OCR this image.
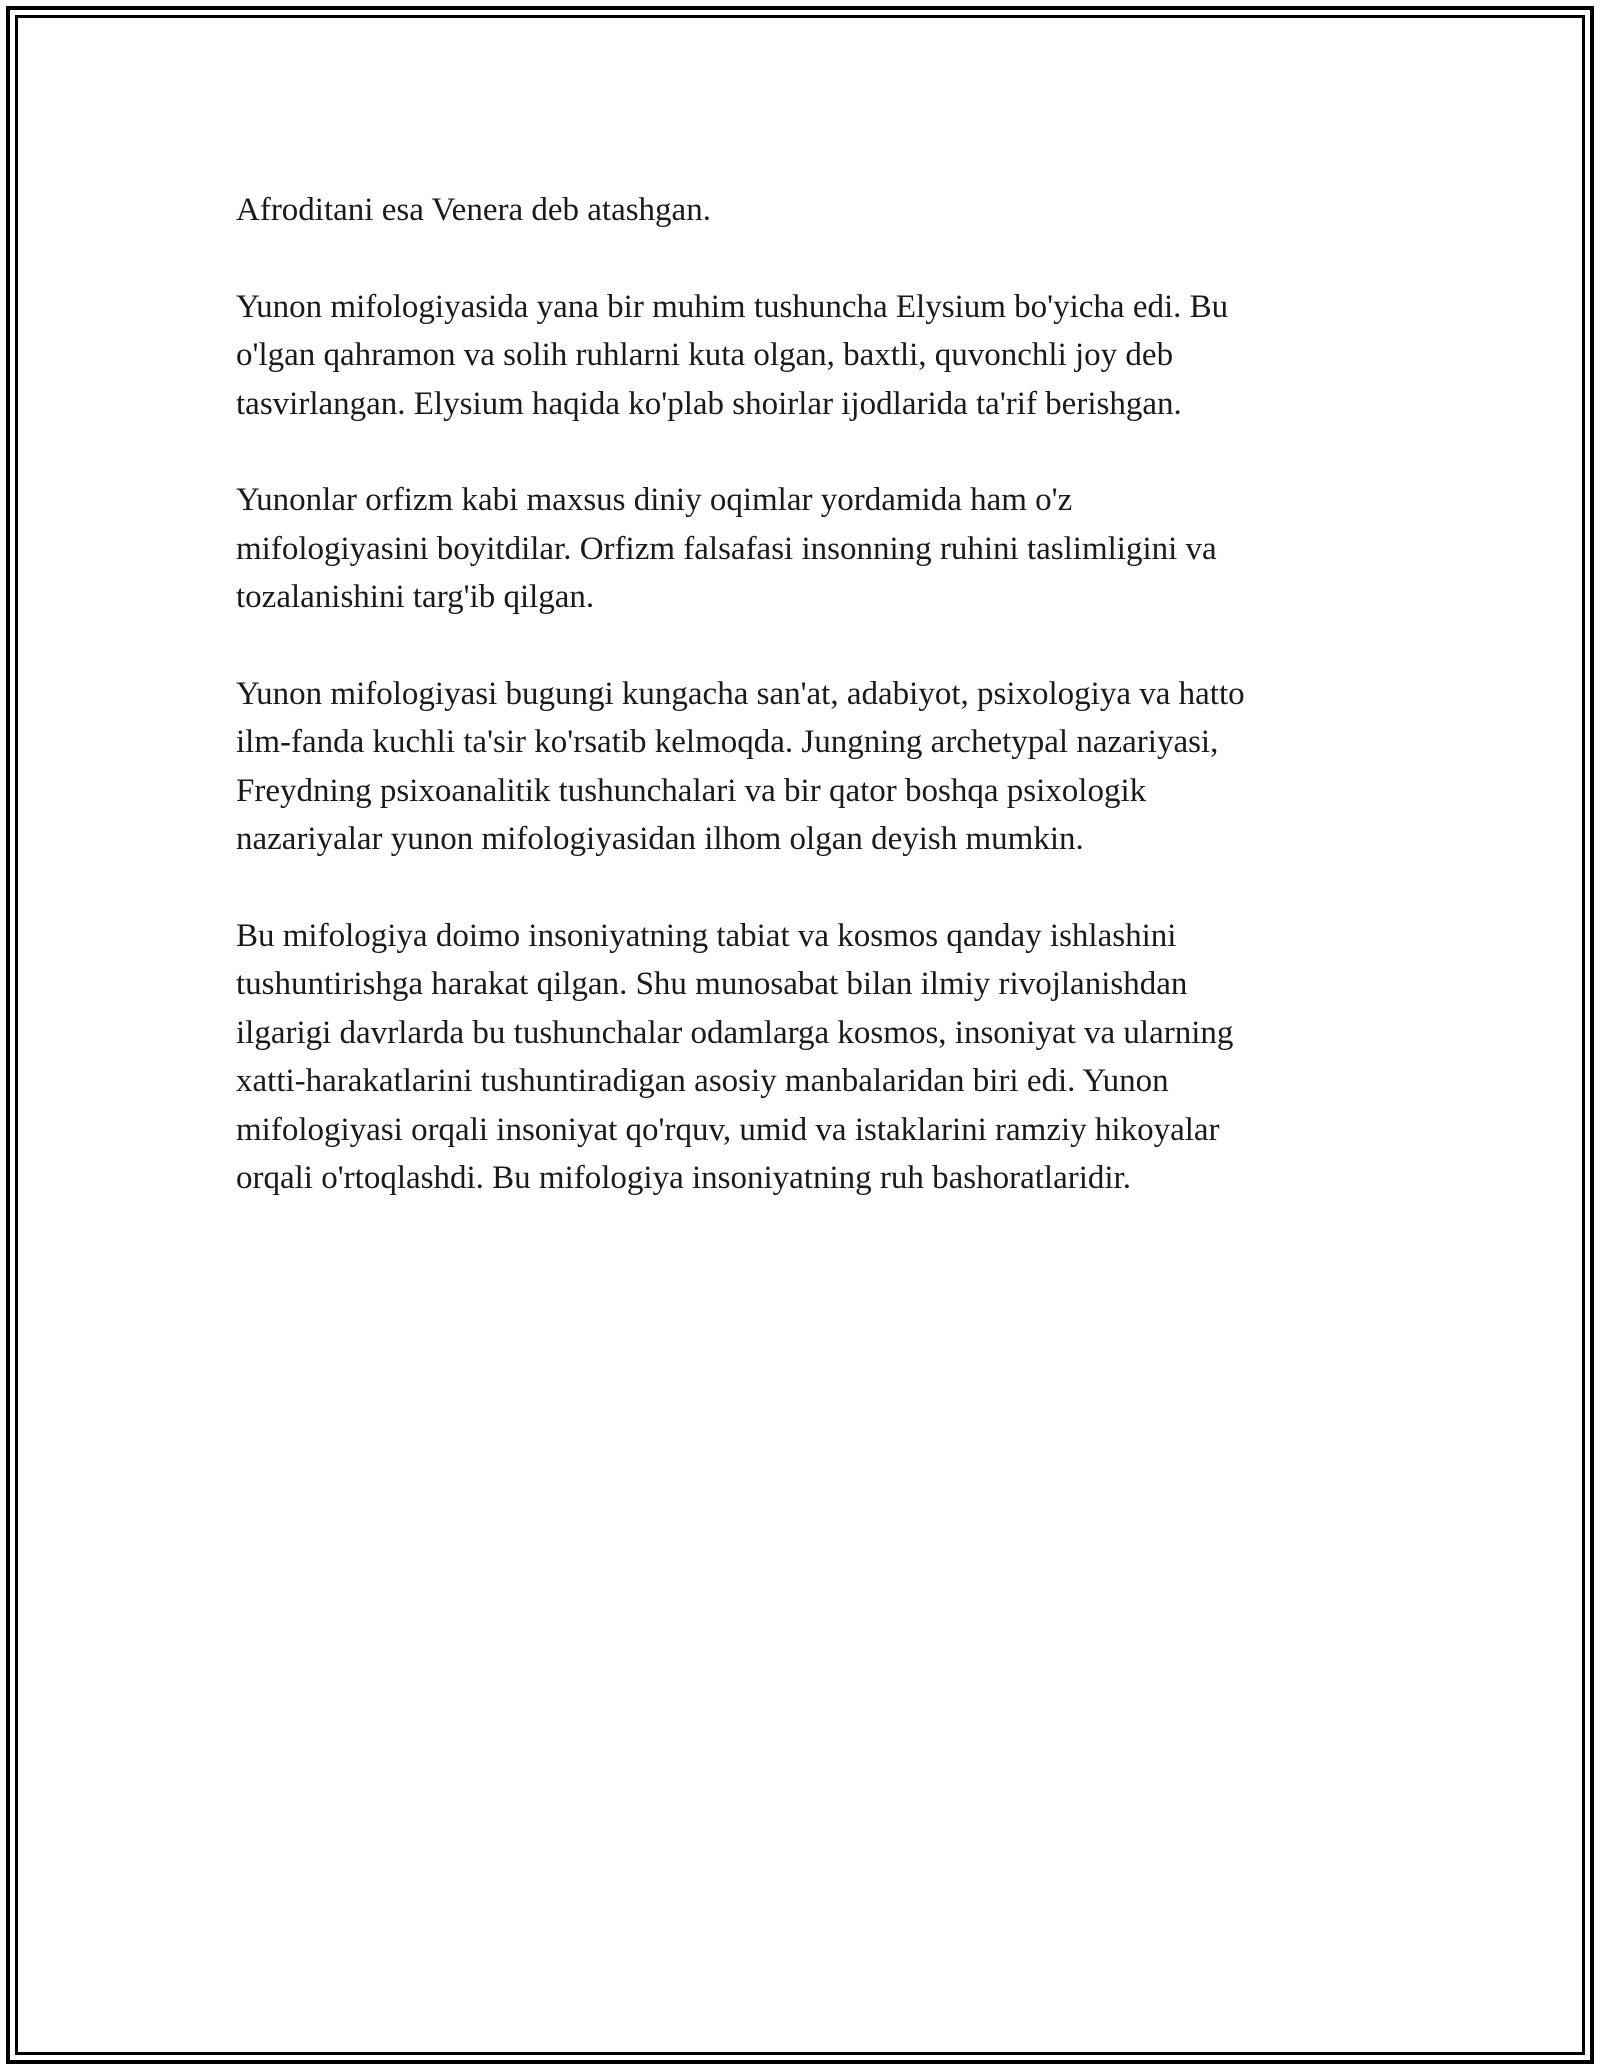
Afroditani esa Venera deb atashgan.

Yunon mifologiyasida yana bir muhim tushuncha Elysium bo'yicha edi. Bu
o'lgan qahramon va solih ruhlarni kuta olgan, baxtli, quvonchli joy deb
tasvirlangan. Elysium haqida ko'plab shoirlar ijodlarida ta'rif berishgan.

Yunonlar orfizm kabi maxsus diniy oqimlar yordamida ham o'z
mifologiyasini boyitdilar. Orfizm falsafasi insonning ruhini taslimligini va
tozalanishini targ'ib qilgan.

Yunon mifologiyasi bugungi kungacha san'at, adabiyot, psixologiya va hatto
ilm-fanda kuchli ta'sir ko'rsatib kelmoqda. Jungning archetypal nazariyasi,
Freydning psixoanalitik tushunchalari va bir qator boshqa psixologik
nazariyalar yunon mifologiyasidan ilhom olgan deyish mumkin.

Bu mifologiya doimo insoniyatning tabiat va kosmos qanday ishlashini
tushuntirishga harakat qilgan. Shu munosabat bilan ilmiy rivojlanishdan
ilgarigi davrlarda bu tushunchalar odamlarga kosmos, insoniyat va ularning
xatti-harakatlarini tushuntiradigan asosiy manbalaridan biri edi. Yunon
mifologiyasi orqali insoniyat qo'rquv, umid va istaklarini ramziy hikoyalar
orqali o'rtoqlashdi. Bu mifologiya insoniyatning ruh bashoratlaridir.
